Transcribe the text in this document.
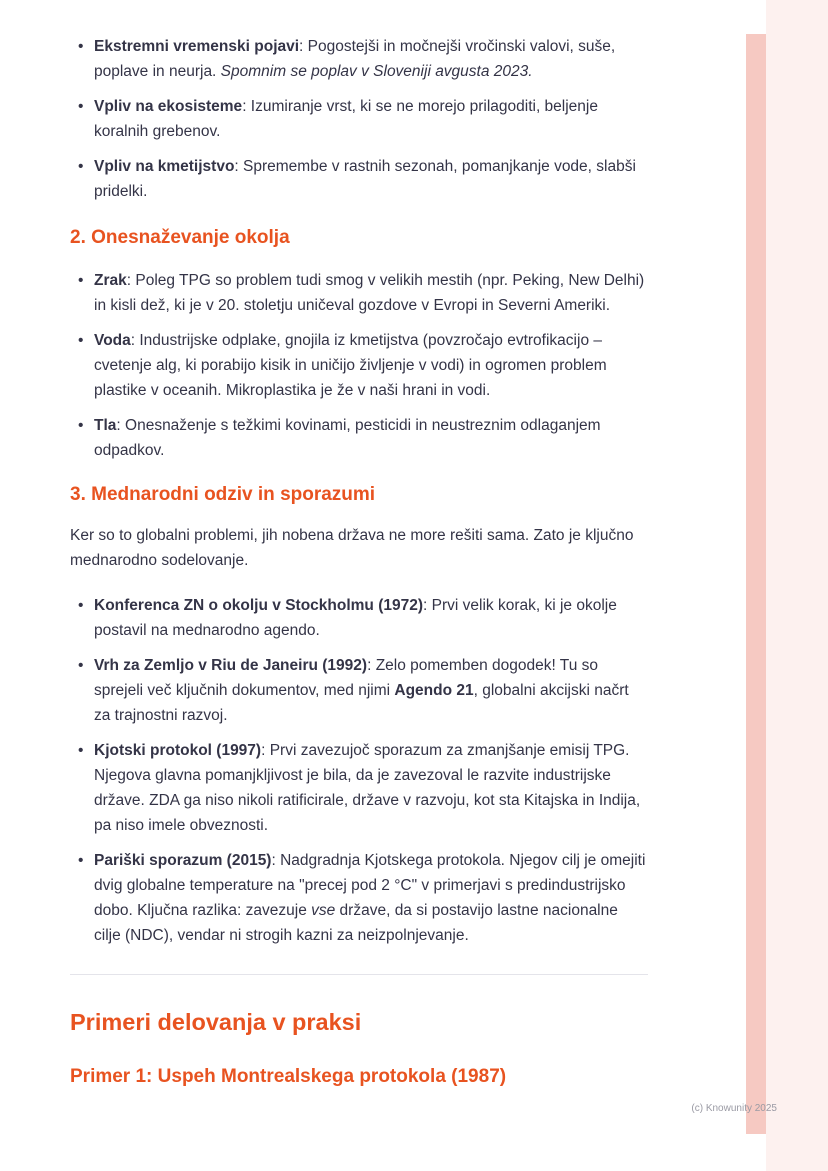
• Ekstremni vremenski pojavi: Pogostejši in močnejši vročinski valovi, suše, poplave in neurja. Spomnim se poplav v Sloveniji avgusta 2023.
• Vpliv na ekosisteme: Izumiranje vrst, ki se ne morejo prilagoditi, beljenje koralnih grebenov.
• Vpliv na kmetijstvo: Spremembe v rastnih sezonah, pomanjkanje vode, slabši pridelki.
2. Onesnaževanje okolja
• Zrak: Poleg TPG so problem tudi smog v velikih mestih (npr. Peking, New Delhi) in kisli dež, ki je v 20. stoletju uničeval gozdove v Evropi in Severni Ameriki.
• Voda: Industrijske odplake, gnojila iz kmetijstva (povzročajo evtrofikacijo – cvetenje alg, ki porabijo kisik in uničijo življenje v vodi) in ogromen problem plastike v oceanih. Mikroplastika je že v naši hrani in vodi.
• Tla: Onesnaženje s težkimi kovinami, pesticidi in neustreznim odlaganjem odpadkov.
3. Mednarodni odziv in sporazumi

Ker so to globalni problemi, jih nobena država ne more rešiti sama. Zato je ključno mednarodno sodelovanje.

• Konferenca ZN o okolju v Stockholmu (1972): Prvi velik korak, ki je okolje postavil na mednarodno agendo.
• Vrh za Zemljo v Riu de Janeiru (1992): Zelo pomemben dogodek! Tu so sprejeli več ključnih dokumentov, med njimi Agendo 21, globalni akcijski načrt za trajnostni razvoj.
• Kjotski protokol (1997): Prvi zavezujoč sporazum za zmanjšanje emisij TPG. Njegova glavna pomanjkljivost je bila, da je zavezoval le razvite industrijske države. ZDA ga niso nikoli ratificirale, države v razvoju, kot sta Kitajska in Indija, pa niso imele obveznosti.
• Pariški sporazum (2015): Nadgradnja Kjotskega protokola. Njegov cilj je omejiti dvig globalne temperature na "precej pod 2 °C" v primerjavi s predindustrijsko dobo. Ključna razlika: zavezuje vse države, da si postavijo lastne nacionalne cilje (NDC), vendar ni strogih kazni za neizpolnjevanje.
Primeri delovanja v praksi
Primer 1: Uspeh Montrealskega protokola (1987)
(c) Knowunity 2025
